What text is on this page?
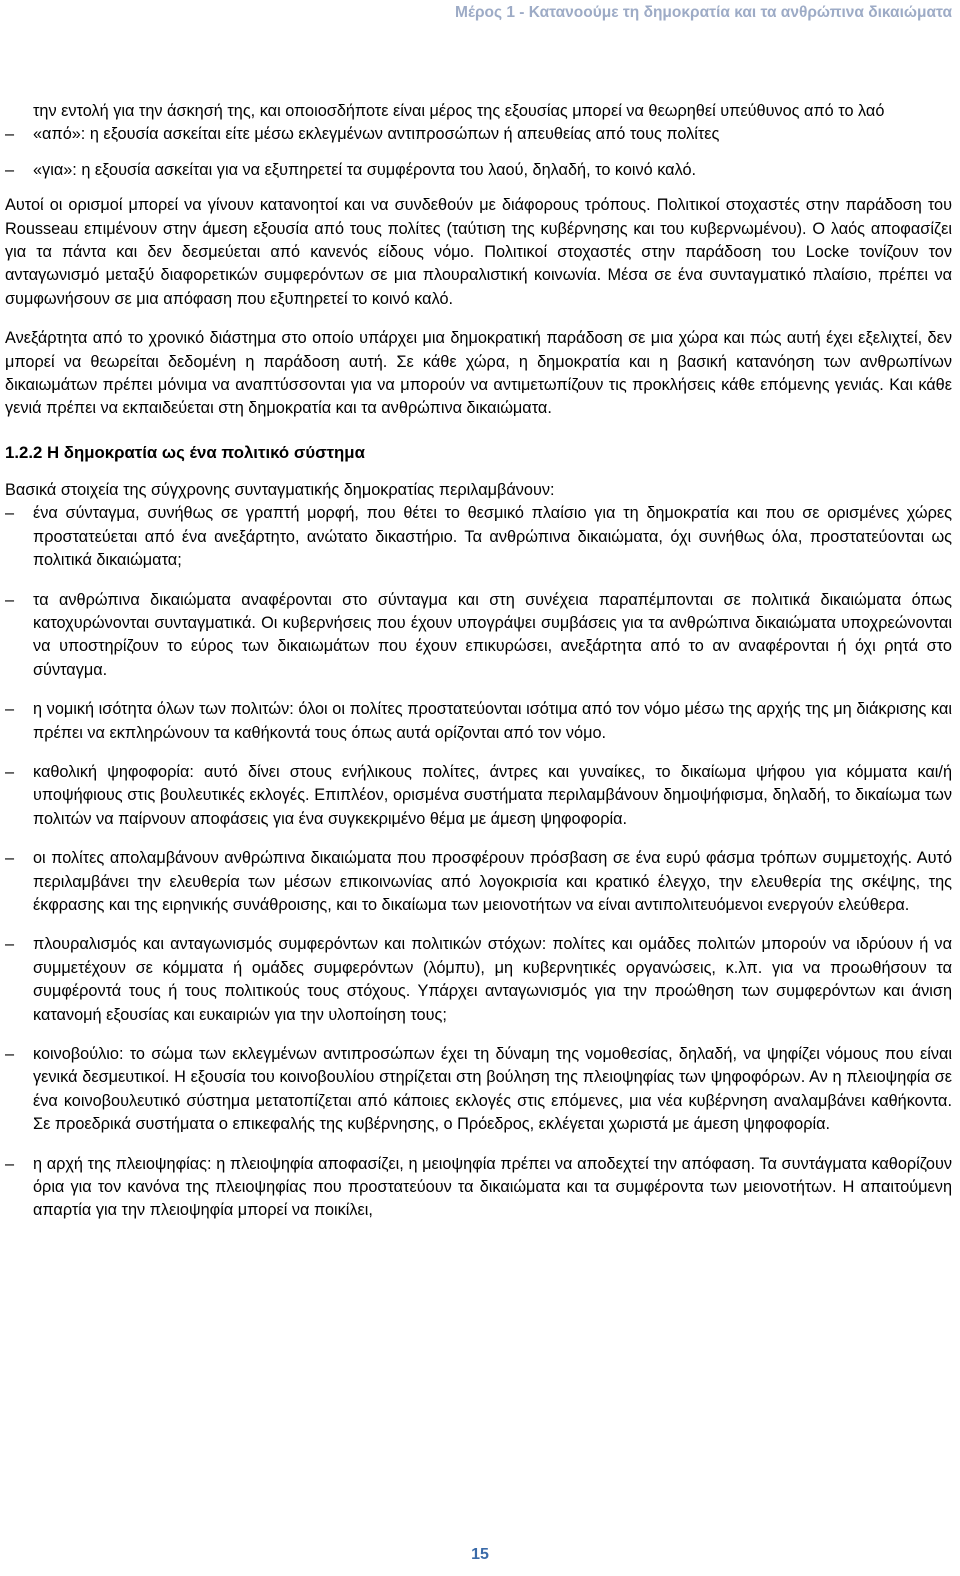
Μέρος 1 - Κατανοούμε τη δημοκρατία και τα ανθρώπινα δικαιώματα

την εντολή για την άσκησή της, και οποιοσδήποτε είναι μέρος της εξουσίας μπορεί να θεωρηθεί υπεύθυνος από το λαό

– «από»: η εξουσία ασκείται είτε μέσω εκλεγμένων αντιπροσώπων ή απευθείας από τους πολίτες
– «για»: η εξουσία ασκείται για να εξυπηρετεί τα συμφέροντα του λαού, δηλαδή, το κοινό καλό.

Αυτοί οι ορισμοί μπορεί να γίνουν κατανοητοί και να συνδεθούν με διάφορους τρόπους. Πολιτικοί στοχαστές στην παράδοση του Rousseau επιμένουν στην άμεση εξουσία από τους πολίτες (ταύτιση της κυβέρνησης και του κυβερνωμένου). Ο λαός αποφασίζει για τα πάντα και δεν δεσμεύεται από κανενός είδους νόμο. Πολιτικοί στοχαστές στην παράδοση του Locke τονίζουν τον ανταγωνισμό μεταξύ διαφορετικών συμφερόντων σε μια πλουραλιστική κοινωνία. Μέσα σε ένα συνταγματικό πλαίσιο, πρέπει να συμφωνήσουν σε μια απόφαση που εξυπηρετεί το κοινό καλό.

Ανεξάρτητα από το χρονικό διάστημα στο οποίο υπάρχει μια δημοκρατική παράδοση σε μια χώρα και πώς αυτή έχει εξελιχτεί, δεν μπορεί να θεωρείται δεδομένη η παράδοση αυτή. Σε κάθε χώρα, η δημοκρατία και η βασική κατανόηση των ανθρωπίνων δικαιωμάτων πρέπει μόνιμα να αναπτύσσονται για να μπορούν να αντιμετωπίζουν τις προκλήσεις κάθε επόμενης γενιάς. Και κάθε γενιά πρέπει να εκπαιδεύεται στη δημοκρατία και τα ανθρώπινα δικαιώματα.

1.2.2 Η δημοκρατία ως ένα πολιτικό σύστημα

Βασικά στοιχεία της σύγχρονης συνταγματικής δημοκρατίας περιλαμβάνουν:

– ένα σύνταγμα, συνήθως σε γραπτή μορφή, που θέτει το θεσμικό πλαίσιο για τη δημοκρατία και που σε ορισμένες χώρες προστατεύεται από ένα ανεξάρτητο, ανώτατο δικαστήριο. Τα ανθρώπινα δικαιώματα, όχι συνήθως όλα, προστατεύονται ως πολιτικά δικαιώματα;
– τα ανθρώπινα δικαιώματα αναφέρονται στο σύνταγμα και στη συνέχεια παραπέμπονται σε πολιτικά δικαιώματα όπως κατοχυρώνονται συνταγματικά. Οι κυβερνήσεις που έχουν υπογράψει συμβάσεις για τα ανθρώπινα δικαιώματα υποχρεώνονται να υποστηρίζουν το εύρος των δικαιωμάτων που έχουν επικυρώσει, ανεξάρτητα από το αν αναφέρονται ή όχι ρητά στο σύνταγμα.
– η νομική ισότητα όλων των πολιτών: όλοι οι πολίτες προστατεύονται ισότιμα από τον νόμο μέσω της αρχής της μη διάκρισης και πρέπει να εκπληρώνουν τα καθήκοντά τους όπως αυτά ορίζονται από τον νόμο.
– καθολική ψηφοφορία: αυτό δίνει στους ενήλικους πολίτες, άντρες και γυναίκες, το δικαίωμα ψήφου για κόμματα και/ή υποψήφιους στις βουλευτικές εκλογές. Επιπλέον, ορισμένα συστήματα περιλαμβάνουν δημοψήφισμα, δηλαδή, το δικαίωμα των πολιτών να παίρνουν αποφάσεις για ένα συγκεκριμένο θέμα με άμεση ψηφοφορία.
– οι πολίτες απολαμβάνουν ανθρώπινα δικαιώματα που προσφέρουν πρόσβαση σε ένα ευρύ φάσμα τρόπων συμμετοχής. Αυτό περιλαμβάνει την ελευθερία των μέσων επικοινωνίας από λογοκρισία και κρατικό έλεγχο, την ελευθερία της σκέψης, της έκφρασης και της ειρηνικής συνάθροισης, και το δικαίωμα των μειονοτήτων να είναι αντιπολιτευόμενοι ενεργούν ελεύθερα.
– πλουραλισμός και ανταγωνισμός συμφερόντων και πολιτικών στόχων: πολίτες και ομάδες πολιτών μπορούν να ιδρύουν ή να συμμετέχουν σε κόμματα ή ομάδες συμφερόντων (λόμπυ), μη κυβερνητικές οργανώσεις, κ.λπ. για να προωθήσουν τα συμφέροντά τους ή τους πολιτικούς τους στόχους. Υπάρχει ανταγωνισμός για την προώθηση των συμφερόντων και άνιση κατανομή εξουσίας και ευκαιριών για την υλοποίηση τους;
– κοινοβούλιο: το σώμα των εκλεγμένων αντιπροσώπων έχει τη δύναμη της νομοθεσίας, δηλαδή, να ψηφίζει νόμους που είναι γενικά δεσμευτικοί. Η εξουσία του κοινοβουλίου στηρίζεται στη βούληση της πλειοψηφίας των ψηφοφόρων. Αν η πλειοψηφία σε ένα κοινοβουλευτικό σύστημα μετατοπίζεται από κάποιες εκλογές στις επόμενες, μια νέα κυβέρνηση αναλαμβάνει καθήκοντα. Σε προεδρικά συστήματα ο επικεφαλής της κυβέρνησης, ο Πρόεδρος, εκλέγεται χωριστά με άμεση ψηφοφορία.
– η αρχή της πλειοψηφίας: η πλειοψηφία αποφασίζει, η μειοψηφία πρέπει να αποδεχτεί την απόφαση. Τα συντάγματα καθορίζουν όρια για τον κανόνα της πλειοψηφίας που προστατεύουν τα δικαιώματα και τα συμφέροντα των μειονοτήτων. Η απαιτούμενη απαρτία για την πλειοψηφία μπορεί να ποικίλει,
15
